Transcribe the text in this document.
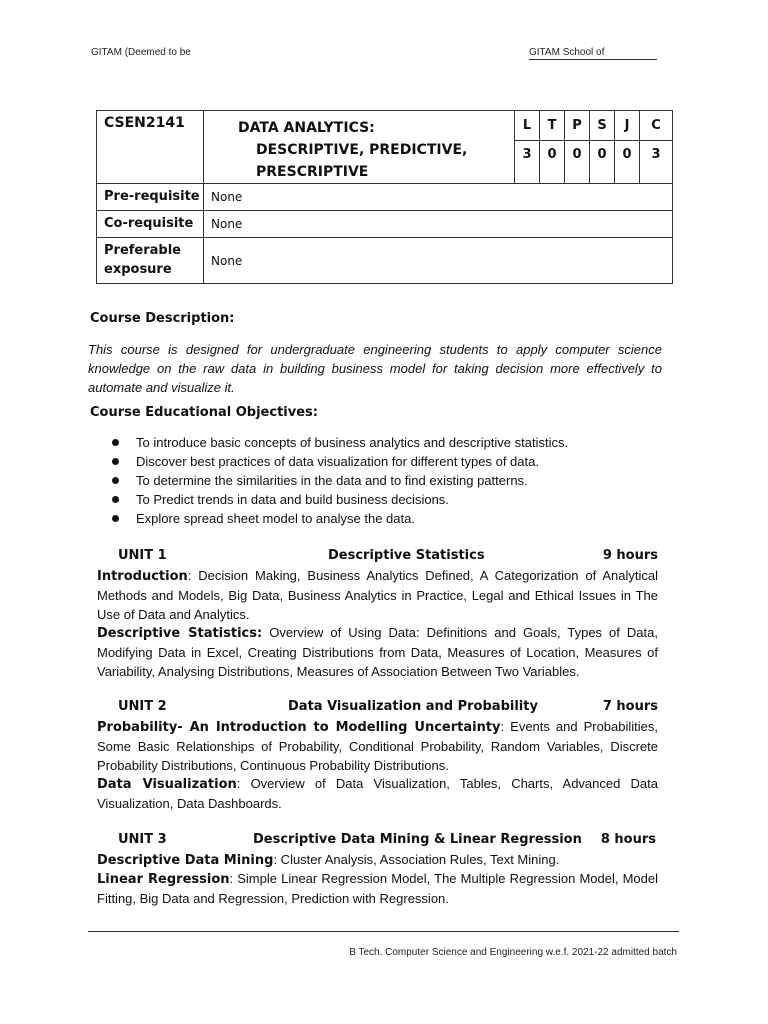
GITAM (Deemed to be	GITAM School of
CSEN2141	DATA ANALYTICS:
DESCRIPTIVE, PREDICTIVE,
PRESCRIPTIVE	L	T	P	S	J	C
		3	0	0	0	0	3
Pre-requisite	None						
Co-requisite	None						
Preferable exposure	None						
Course Description:
This course is designed for undergraduate engineering students to apply computer science knowledge on the raw data in building business model for taking decision more effectively to automate and visualize it.
Course Educational Objectives:
To introduce basic concepts of business analytics and descriptive statistics.
Discover best practices of data visualization for different types of data.
To determine the similarities in the data and to find existing patterns.
To Predict trends in data and build business decisions.
Explore spread sheet model to analyse the data.
UNIT 1	Descriptive Statistics	9 hours
Introduction: Decision Making, Business Analytics Defined, A Categorization of Analytical Methods and Models, Big Data, Business Analytics in Practice, Legal and Ethical Issues in The Use of Data and Analytics.
Descriptive Statistics: Overview of Using Data: Definitions and Goals, Types of Data, Modifying Data in Excel, Creating Distributions from Data, Measures of Location, Measures of Variability, Analysing Distributions, Measures of Association Between Two Variables.
UNIT 2	Data Visualization and Probability	7 hours
Probability- An Introduction to Modelling Uncertainty: Events and Probabilities, Some Basic Relationships of Probability, Conditional Probability, Random Variables, Discrete Probability Distributions, Continuous Probability Distributions.
Data Visualization: Overview of Data Visualization, Tables, Charts, Advanced Data Visualization, Data Dashboards.
UNIT 3	Descriptive Data Mining & Linear Regression 8 hours
Descriptive Data Mining: Cluster Analysis, Association Rules, Text Mining.
Linear Regression: Simple Linear Regression Model, The Multiple Regression Model, Model Fitting, Big Data and Regression, Prediction with Regression.
B Tech. Computer Science and Engineering w.e.f. 2021-22 admitted batch
